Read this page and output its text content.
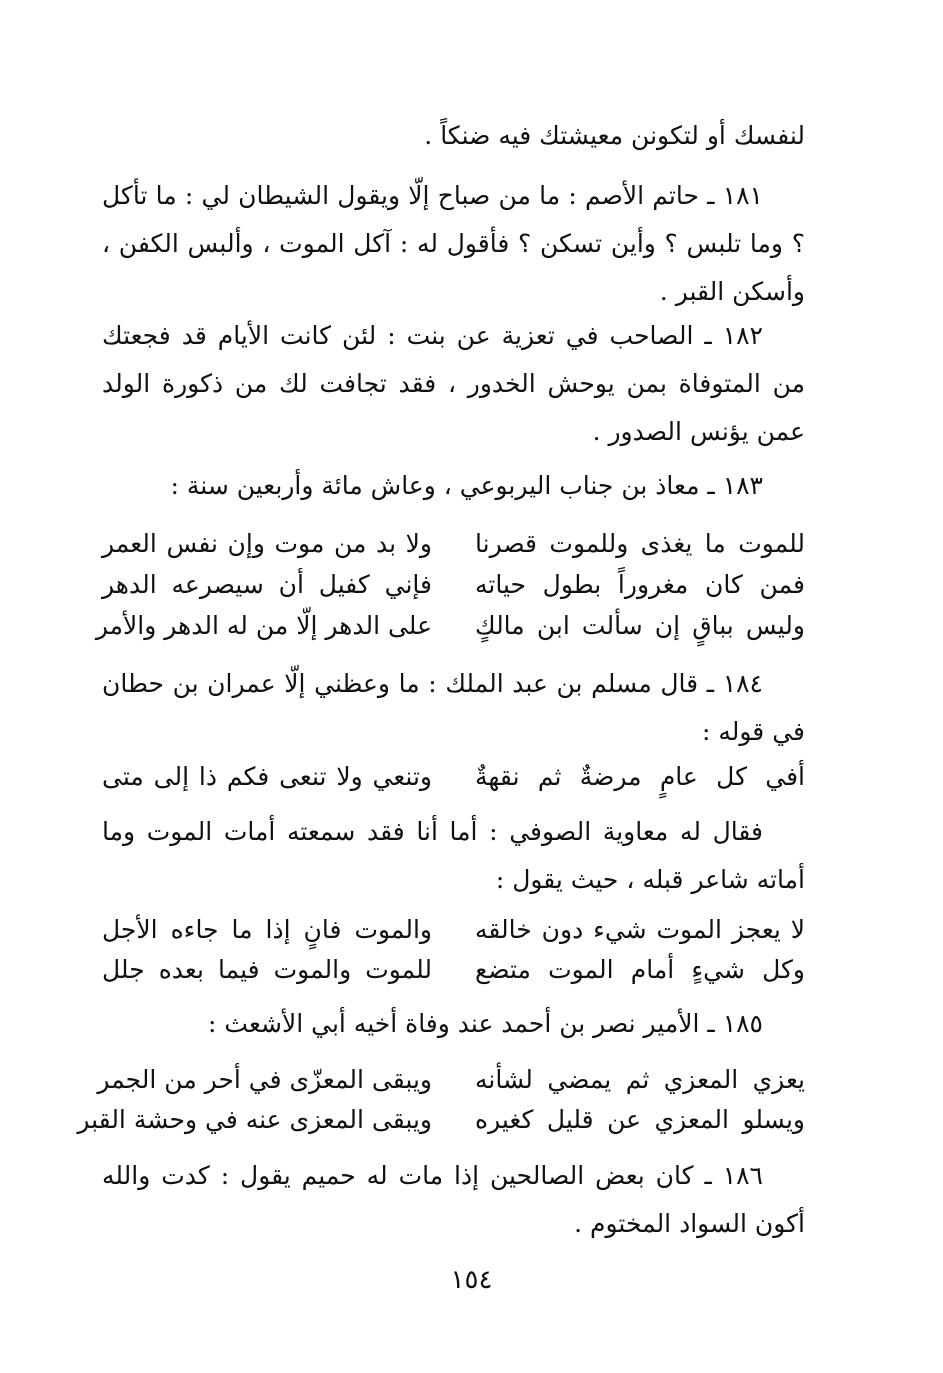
لنفسك أو لتكونن معيشتك فيه ضنكاً .
١٨١ ـ حاتم الأصم : ما من صباح إلّا ويقول الشيطان لي : ما تأكل ؟ وما تلبس ؟ وأين تسكن ؟ فأقول له : آكل الموت ، وألبس الكفن ، وأسكن القبر .
١٨٢ ـ الصاحب في تعزية عن بنت : لئن كانت الأيام قد فجعتك من المتوفاة بمن يوحش الخدور ، فقد تجافت لك من ذكورة الولد عمن يؤنس الصدور .
١٨٣ ـ معاذ بن جناب اليربوعي ، وعاش مائة وأربعين سنة :
للموت ما يغذى وللموت قصرنا
ولا بد من موت وإن نفس العمر
فمن كان مغروراً بطول حياته
فإني كفيل أن سيصرعه الدهر
وليس بباقٍ إن سألت ابن مالكٍ
على الدهر إلّا من له الدهر والأمر
١٨٤ ـ قال مسلم بن عبد الملك : ما وعظني إلّا عمران بن حطان في قوله :
أفي كل عامٍ مرضةٌ ثم نقهةٌ
وتنعي ولا تنعى فكم ذا إلى متى
فقال له معاوية الصوفي : أما أنا فقد سمعته أمات الموت وما أماته شاعر قبله ، حيث يقول :
لا يعجز الموت شيء دون خالقه
والموت فانٍ إذا ما جاءه الأجل
وكل شيءٍ أمام الموت متضع
للموت والموت فيما بعده جلل
١٨٥ ـ الأمير نصر بن أحمد عند وفاة أخيه أبي الأشعث :
يعزي المعزي ثم يمضي لشأنه
ويبقى المعزّى في أحر من الجمر
ويسلو المعزي عن قليل كغيره
ويبقى المعزى عنه في وحشة القبر
١٨٦ ـ كان بعض الصالحين إذا مات له حميم يقول : كدت والله أكون السواد المختوم .
١٥٤
